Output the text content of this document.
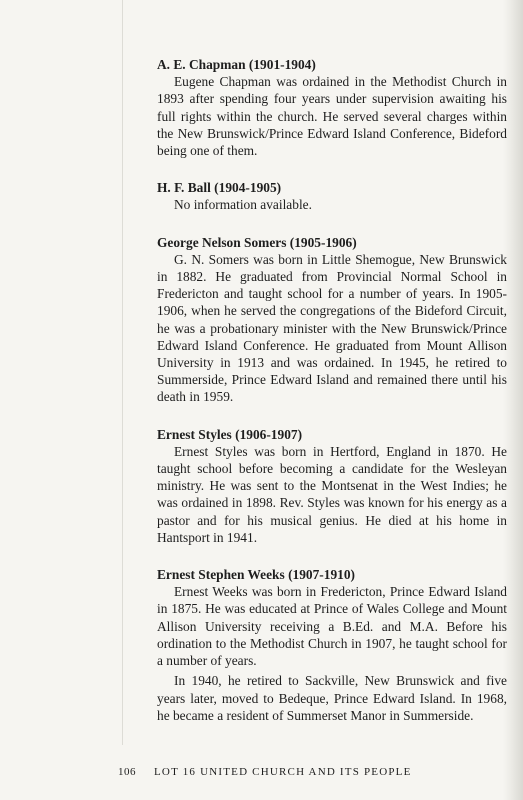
A. E. Chapman (1901-1904)

Eugene Chapman was ordained in the Methodist Church in 1893 after spending four years under supervision awaiting his full rights within the church. He served several charges within the New Brunswick/Prince Edward Island Conference, Bideford being one of them.

H. F. Ball (1904-1905)

No information available.

George Nelson Somers (1905-1906)

G. N. Somers was born in Little Shemogue, New Brunswick in 1882. He graduated from Provincial Normal School in Fredericton and taught school for a number of years. In 1905-1906, when he served the congregations of the Bideford Circuit, he was a probationary minister with the New Brunswick/Prince Edward Island Conference. He graduated from Mount Allison University in 1913 and was ordained. In 1945, he retired to Summerside, Prince Edward Island and remained there until his death in 1959.

Ernest Styles (1906-1907)

Ernest Styles was born in Hertford, England in 1870. He taught school before becoming a candidate for the Wesleyan ministry. He was sent to the Montsenat in the West Indies; he was ordained in 1898. Rev. Styles was known for his energy as a pastor and for his musical genius. He died at his home in Hantsport in 1941.

Ernest Stephen Weeks (1907-1910)

Ernest Weeks was born in Fredericton, Prince Edward Island in 1875. He was educated at Prince of Wales College and Mount Allison University receiving a B.Ed. and M.A. Before his ordination to the Methodist Church in 1907, he taught school for a number of years.

In 1940, he retired to Sackville, New Brunswick and five years later, moved to Bedeque, Prince Edward Island. In 1968, he became a resident of Summerset Manor in Summerside.

106 LOT 16 UNITED CHURCH AND ITS PEOPLE
